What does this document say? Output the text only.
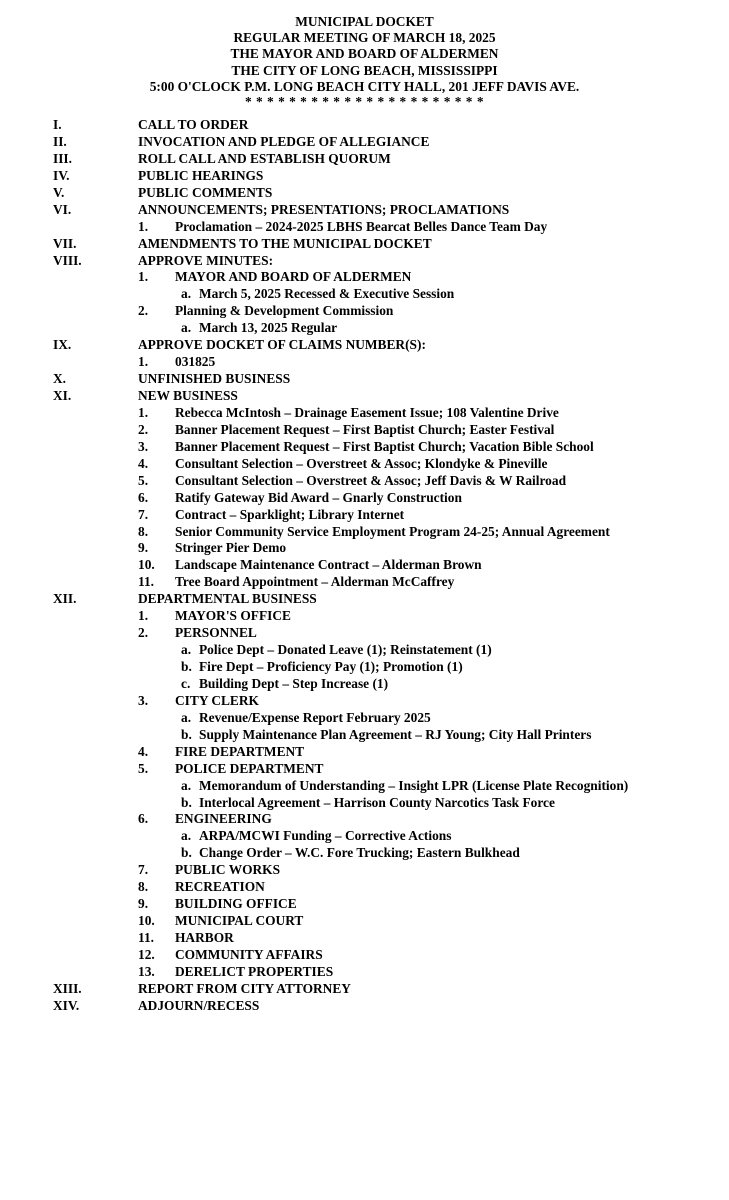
MUNICIPAL DOCKET
REGULAR MEETING OF MARCH 18, 2025
THE MAYOR AND BOARD OF ALDERMEN
THE CITY OF LONG BEACH, MISSISSIPPI
5:00 O'CLOCK P.M. LONG BEACH CITY HALL, 201 JEFF DAVIS AVE.
* * * * * * * * * * * * * * * * * * * * * *
I.	CALL TO ORDER
II.	INVOCATION AND PLEDGE OF ALLEGIANCE
III.	ROLL CALL AND ESTABLISH QUORUM
IV.	PUBLIC HEARINGS
V.	PUBLIC COMMENTS
VI.	ANNOUNCEMENTS; PRESENTATIONS; PROCLAMATIONS
1. Proclamation – 2024-2025 LBHS Bearcat Belles Dance Team Day
VII.	AMENDMENTS TO THE MUNICIPAL DOCKET
VIII.	APPROVE MINUTES:
1. MAYOR AND BOARD OF ALDERMEN
a. March 5, 2025 Recessed & Executive Session
2. Planning & Development Commission
a. March 13, 2025 Regular
IX.	APPROVE DOCKET OF CLAIMS NUMBER(S):
1. 031825
X.	UNFINISHED BUSINESS
XI.	NEW BUSINESS
1. Rebecca McIntosh – Drainage Easement Issue; 108 Valentine Drive
2. Banner Placement Request – First Baptist Church; Easter Festival
3. Banner Placement Request – First Baptist Church; Vacation Bible School
4. Consultant Selection – Overstreet & Assoc; Klondyke & Pineville
5. Consultant Selection – Overstreet & Assoc; Jeff Davis & W Railroad
6. Ratify Gateway Bid Award – Gnarly Construction
7. Contract – Sparklight; Library Internet
8. Senior Community Service Employment Program 24-25; Annual Agreement
9. Stringer Pier Demo
10. Landscape Maintenance Contract – Alderman Brown
11. Tree Board Appointment – Alderman McCaffrey
XII.	DEPARTMENTAL BUSINESS
1. MAYOR'S OFFICE
2. PERSONNEL
a. Police Dept – Donated Leave (1); Reinstatement (1)
b. Fire Dept – Proficiency Pay (1); Promotion (1)
c. Building Dept – Step Increase (1)
3. CITY CLERK
a. Revenue/Expense Report February 2025
b. Supply Maintenance Plan Agreement – RJ Young; City Hall Printers
4. FIRE DEPARTMENT
5. POLICE DEPARTMENT
a. Memorandum of Understanding – Insight LPR (License Plate Recognition)
b. Interlocal Agreement – Harrison County Narcotics Task Force
6. ENGINEERING
a. ARPA/MCWI Funding – Corrective Actions
b. Change Order – W.C. Fore Trucking; Eastern Bulkhead
7. PUBLIC WORKS
8. RECREATION
9. BUILDING OFFICE
10. MUNICIPAL COURT
11. HARBOR
12. COMMUNITY AFFAIRS
13. DERELICT PROPERTIES
XIII.	REPORT FROM CITY ATTORNEY
XIV.	ADJOURN/RECESS
